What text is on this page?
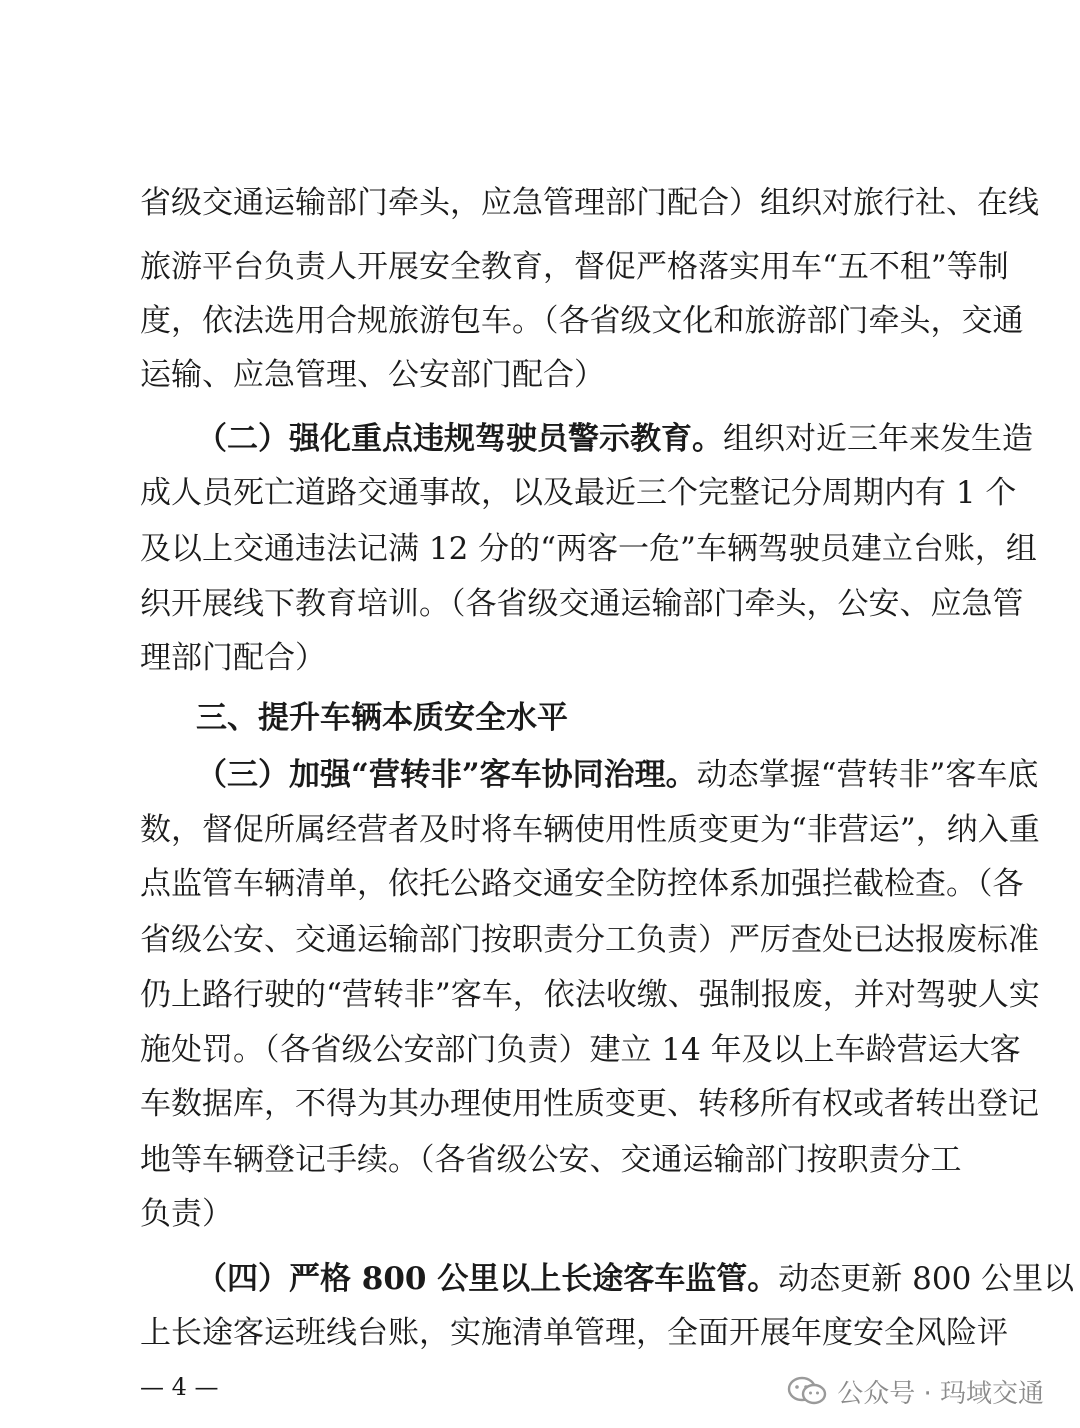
省级交通运输部门牵头，应急管理部门配合）组织对旅行社、在线
旅游平台负责人开展安全教育，督促严格落实用车“五不租”等制
度，依法选用合规旅游包车。（各省级文化和旅游部门牵头，交通
运输、应急管理、公安部门配合）
（二）强化重点违规驾驶员警示教育。组织对近三年来发生造
成人员死亡道路交通事故，以及最近三个完整记分周期内有 1 个
及以上交通违法记满 12 分的“两客一危”车辆驾驶员建立台账，组
织开展线下教育培训。（各省级交通运输部门牵头，公安、应急管
理部门配合）
三、提升车辆本质安全水平
（三）加强“营转非”客车协同治理。动态掌握“营转非”客车底
数，督促所属经营者及时将车辆使用性质变更为“非营运”，纳入重
点监管车辆清单，依托公路交通安全防控体系加强拦截检查。（各
省级公安、交通运输部门按职责分工负责）严厉查处已达报废标准
仍上路行驶的“营转非”客车，依法收缴、强制报废，并对驾驶人实
施处罚。（各省级公安部门负责）建立 14 年及以上车龄营运大客
车数据库，不得为其办理使用性质变更、转移所有权或者转出登记
地等车辆登记手续。（各省级公安、交通运输部门按职责分工
负责）
（四）严格 800 公里以上长途客车监管。动态更新 800 公里以
上长途客运班线台账，实施清单管理，全面开展年度安全风险评
— 4 —	公众号 · 玛域交通
